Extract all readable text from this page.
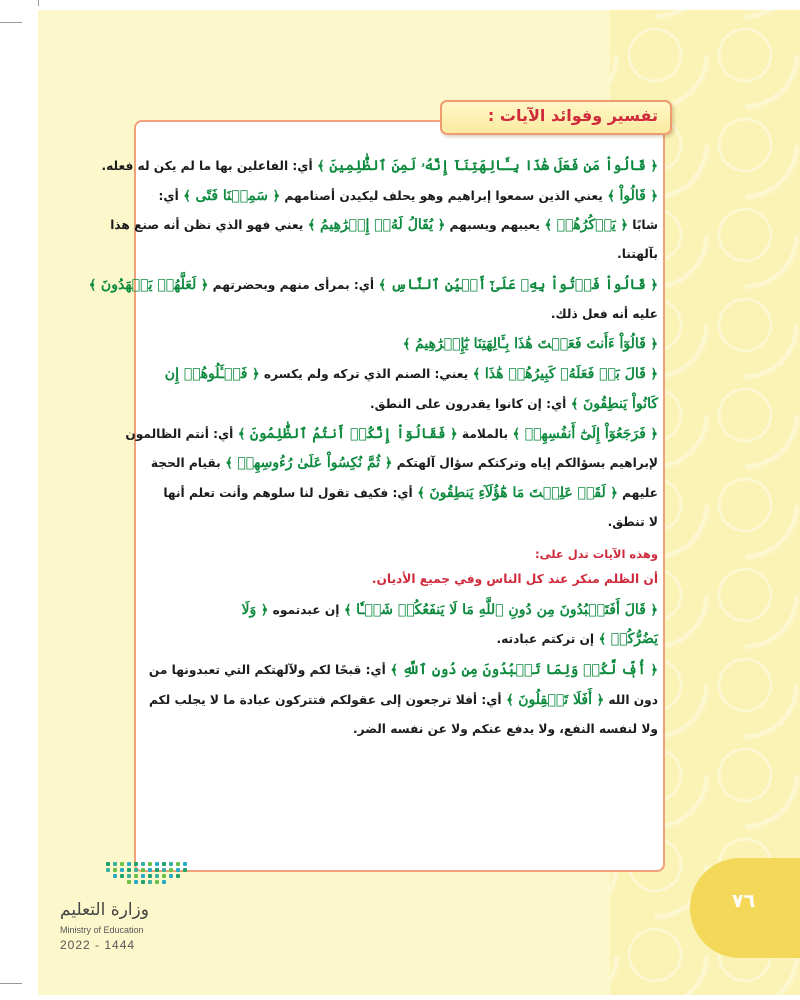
تفسير وفوائد الآيات :
﴿ قَالُواْ مَن فَعَلَ هَٰذَا بِـَٔالِهَتِنَآ إِنَّهُۥ لَمِنَ ٱلظَّٰلِمِينَ ﴾ أي: الفاعلين بها ما لم يكن له فعله.
﴿ قَالُواْ ﴾ يعني الذين سمعوا إبراهيم وهو يحلف ليكيدن أصنامهم ﴿ سَمِعۡنَا فَتًى ﴾ أي:
شابًا ﴿ يَذۡكُرُهُمۡ ﴾ يعيبهم ويسبهم ﴿ يُقَالُ لَهُۥٓ إِبۡرَٰهِيمُ ﴾ يعني فهو الذي نظن أنه صنع هذا
بآلهتنا.
﴿ قَالُواْ فَأۡتُواْ بِهِۦ عَلَىٰٓ أَعۡيُنِ ٱلنَّاسِ ﴾ أي: بمرأى منهم وبحضرتهم ﴿ لَعَلَّهُمۡ يَشۡهَدُونَ ﴾
عليه أنه فعل ذلك.
﴿ قَالُوٓاْ ءَأَنتَ فَعَلۡتَ هَٰذَا بِـَٔالِهَتِنَا يَٰٓإِبۡرَٰهِيمُ ﴾
﴿ قَالَ بَلۡ فَعَلَهُۥ كَبِيرُهُمۡ هَٰذَا ﴾ يعني: الصنم الذي تركه ولم يكسره ﴿ فَسۡـَٔلُوهُمۡ إِن
كَانُواْ يَنطِقُونَ ﴾ أي: إن كانوا يقدرون على النطق.
﴿ فَرَجَعُوٓاْ إِلَىٰٓ أَنفُسِهِمۡ ﴾ بالملامة ﴿ فَقَالُوٓاْ إِنَّكُمۡ أَنتُمُ ٱلظَّٰلِمُونَ ﴾ أي: أنتم الظالمون
لإبراهيم بسؤالكم إياه وتركتكم سؤال آلهتكم ﴿ ثُمَّ نُكِسُواْ عَلَىٰ رُءُوسِهِمۡ ﴾ بقيام الحجة
عليهم ﴿ لَقَدۡ عَلِمۡتَ مَا هَٰٓؤُلَآءِ يَنطِقُونَ ﴾ أي: فكيف تقول لنا سلوهم وأنت تعلم أنها
لا تنطق.
وهذه الآيات تدل على:
أن الظلم منكر عند كل الناس وفي جميع الأديان.
﴿ قَالَ أَفَتَعۡبُدُونَ مِن دُونِ ٱللَّهِ مَا لَا يَنفَعُكُمۡ شَيۡـٔٗا ﴾ إن عبدتموه ﴿ وَلَا
يَضُرُّكُمۡ ﴾ إن تركتم عبادته.
﴿ أُفّٖ لَّكُمۡ وَلِمَا تَعۡبُدُونَ مِن دُونِ ٱللَّهِ ﴾ أي: قبحًا لكم ولآلهتكم التي تعبدونها من
دون الله ﴿ أَفَلَا تَعۡقِلُونَ ﴾ أي: أفلا ترجعون إلى عقولكم فتتركون عبادة ما لا يجلب لكم
ولا لنفسه النفع، ولا يدفع عنكم ولا عن نفسه الضر.
٧٦
وزارة التعليم
Ministry of Education
2022 - 1444
